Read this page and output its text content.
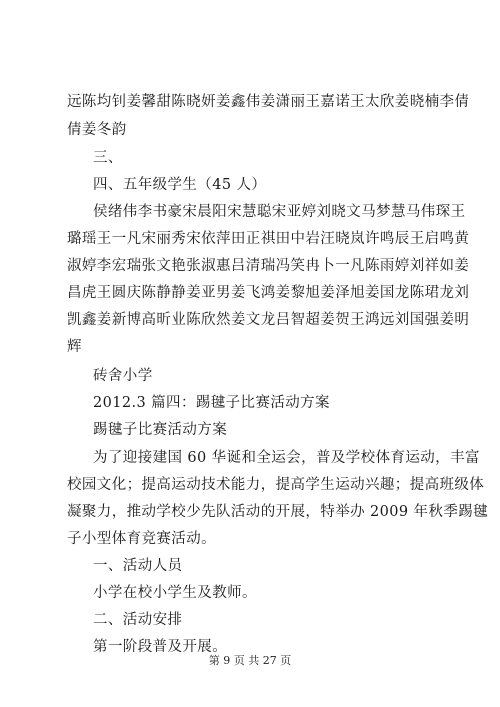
远陈均钊姜馨甜陈晓妍姜鑫伟姜潇丽王嘉诺王太欣姜晓楠李倩
倩姜冬韵
三、
四、五年级学生（45 人）
侯绪伟李书豪宋晨阳宋慧聪宋亚婷刘晓文马梦慧马伟琛王
璐瑶王一凡宋丽秀宋依萍田正祺田中岩汪晓岚许鸣辰王启鸣黄
淑婷李宏瑞张文艳张淑惠吕清瑞冯笑冉卜一凡陈雨婷刘祥如姜
昌虎王圆庆陈静静姜亚男姜飞鸿姜黎旭姜泽旭姜国龙陈珺龙刘
凯鑫姜新博高昕业陈欣然姜文龙吕智超姜贺王鸿远刘国强姜明
辉
砖舍小学
2012.3 篇四：踢毽子比赛活动方案
踢毽子比赛活动方案
为了迎接建国 60 华诞和全运会，普及学校体育运动，丰富
校园文化；提高运动技术能力，提高学生运动兴趣；提高班级体
凝聚力，推动学校少先队活动的开展，特举办 2009 年秋季踢毽
子小型体育竞赛活动。
一、活动人员
小学在校小学生及教师。
二、活动安排
第一阶段普及开展。
第 9 页 共 27 页
